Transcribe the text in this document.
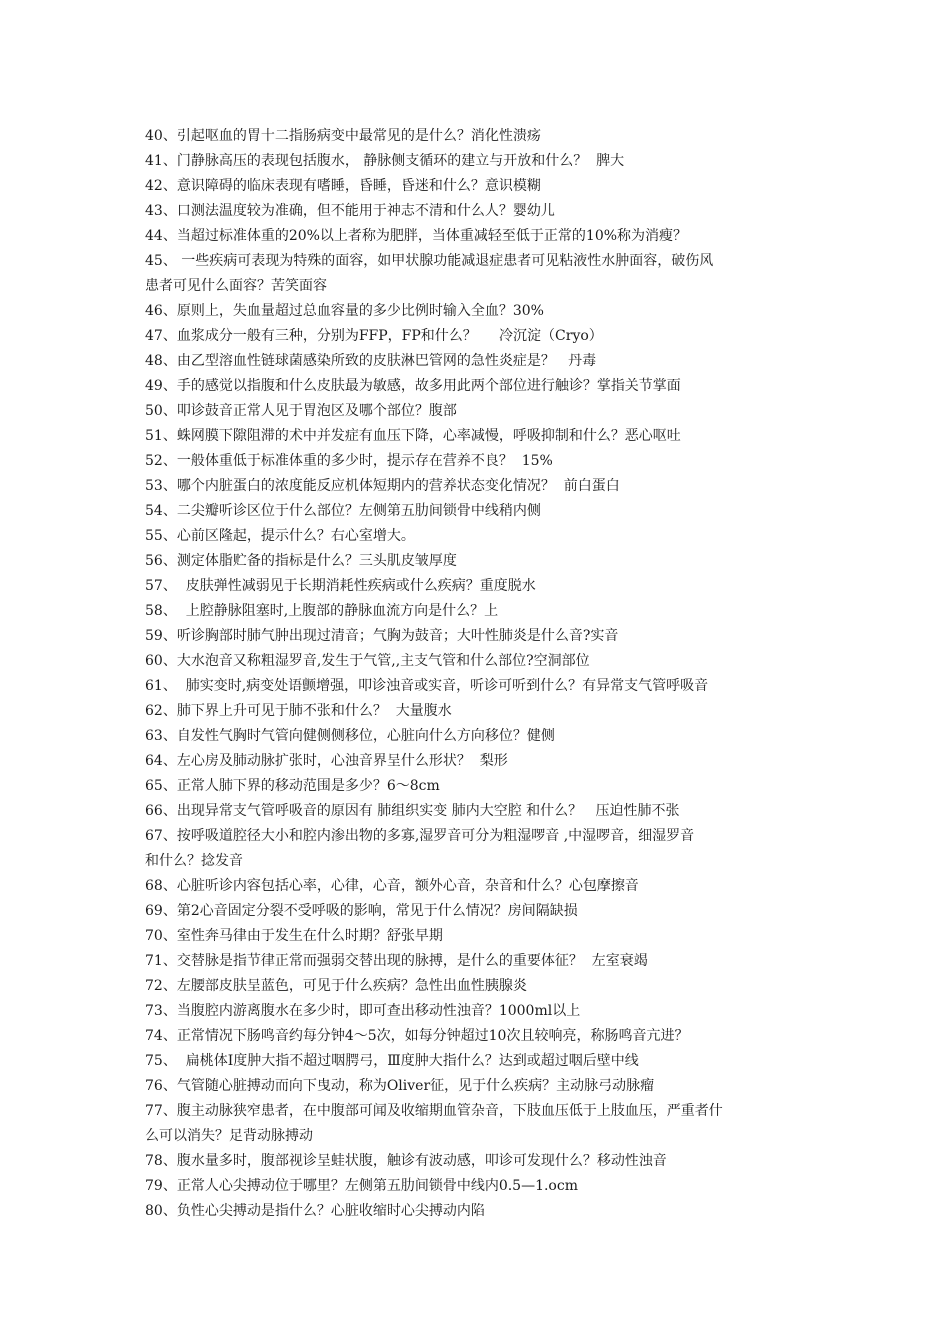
40、引起呕血的胃十二指肠病变中最常见的是什么？消化性溃疡
41、门静脉高压的表现包括腹水， 静脉侧支循环的建立与开放和什么？  脾大
42、意识障碍的临床表现有嗜睡，昏睡，昏迷和什么？意识模糊
43、口测法温度较为准确，但不能用于神志不清和什么人？婴幼儿
44、当超过标准体重的20%以上者称为肥胖，当体重减轻至低于正常的10%称为消瘦？
45、 一些疾病可表现为特殊的面容，如甲状腺功能减退症患者可见粘液性水肿面容，破伤风
患者可见什么面容？苦笑面容
46、原则上，失血量超过总血容量的多少比例时输入全血？30%
47、血浆成分一般有三种，分别为FFP，FP和什么？     冷沉淀（Cryo）
48、由乙型溶血性链球菌感染所致的皮肤淋巴管网的急性炎症是？   丹毒
49、手的感觉以指腹和什么皮肤最为敏感，故多用此两个部位进行触诊？掌指关节掌面
50、叩诊鼓音正常人见于胃泡区及哪个部位？腹部
51、蛛网膜下隙阻滞的术中并发症有血压下降，心率减慢，呼吸抑制和什么？恶心呕吐
52、一般体重低于标准体重的多少时，提示存在营养不良？  15%
53、哪个内脏蛋白的浓度能反应机体短期内的营养状态变化情况？  前白蛋白
54、二尖瓣听诊区位于什么部位？左侧第五肋间锁骨中线稍内侧
55、心前区隆起，提示什么？右心室增大。
56、测定体脂贮备的指标是什么？三头肌皮皱厚度
57、  皮肤弹性减弱见于长期消耗性疾病或什么疾病？重度脱水
58、  上腔静脉阻塞时,上腹部的静脉血流方向是什么？上
59、听诊胸部时肺气肿出现过清音；气胸为鼓音；大叶性肺炎是什么音?实音
60、大水泡音又称粗湿罗音,发生于气管,,主支气管和什么部位?空洞部位
61、  肺实变时,病变处语颤增强，叩诊浊音或实音，听诊可听到什么？有异常支气管呼吸音
62、肺下界上升可见于肺不张和什么？  大量腹水
63、自发性气胸时气管向健侧侧移位，心脏向什么方向移位？健侧
64、左心房及肺动脉扩张时，心浊音界呈什么形状？  梨形
65、正常人肺下界的移动范围是多少？6～8cm
66、出现异常支气管呼吸音的原因有 肺组织实变 肺内大空腔 和什么？   压迫性肺不张
67、按呼吸道腔径大小和腔内渗出物的多寡,湿罗音可分为粗湿啰音 ,中湿啰音，细湿罗音
和什么？捻发音
68、心脏听诊内容包括心率，心律，心音，额外心音，杂音和什么？心包摩擦音
69、第2心音固定分裂不受呼吸的影响，常见于什么情况？房间隔缺损
70、室性奔马律由于发生在什么时期？舒张早期
71、交替脉是指节律正常而强弱交替出现的脉搏，是什么的重要体征？  左室衰竭
72、左腰部皮肤呈蓝色，可见于什么疾病？急性出血性胰腺炎
73、当腹腔内游离腹水在多少时，即可查出移动性浊音？1000ml以上
74、正常情况下肠鸣音约每分钟4～5次，如每分钟超过10次且较响亮，称肠鸣音亢进？
75、  扁桃体Ⅰ度肿大指不超过咽腭弓，Ⅲ度肿大指什么？达到或超过咽后壁中线
76、气管随心脏搏动而向下曳动，称为Oliver征，见于什么疾病？主动脉弓动脉瘤
77、腹主动脉狭窄患者，在中腹部可闻及收缩期血管杂音，下肢血压低于上肢血压，严重者什
么可以消失？足背动脉搏动
78、腹水量多时，腹部视诊呈蛙状腹，触诊有波动感，叩诊可发现什么？移动性浊音
79、正常人心尖搏动位于哪里？左侧第五肋间锁骨中线内0.5—1.ocm
80、负性心尖搏动是指什么？心脏收缩时心尖搏动内陷
